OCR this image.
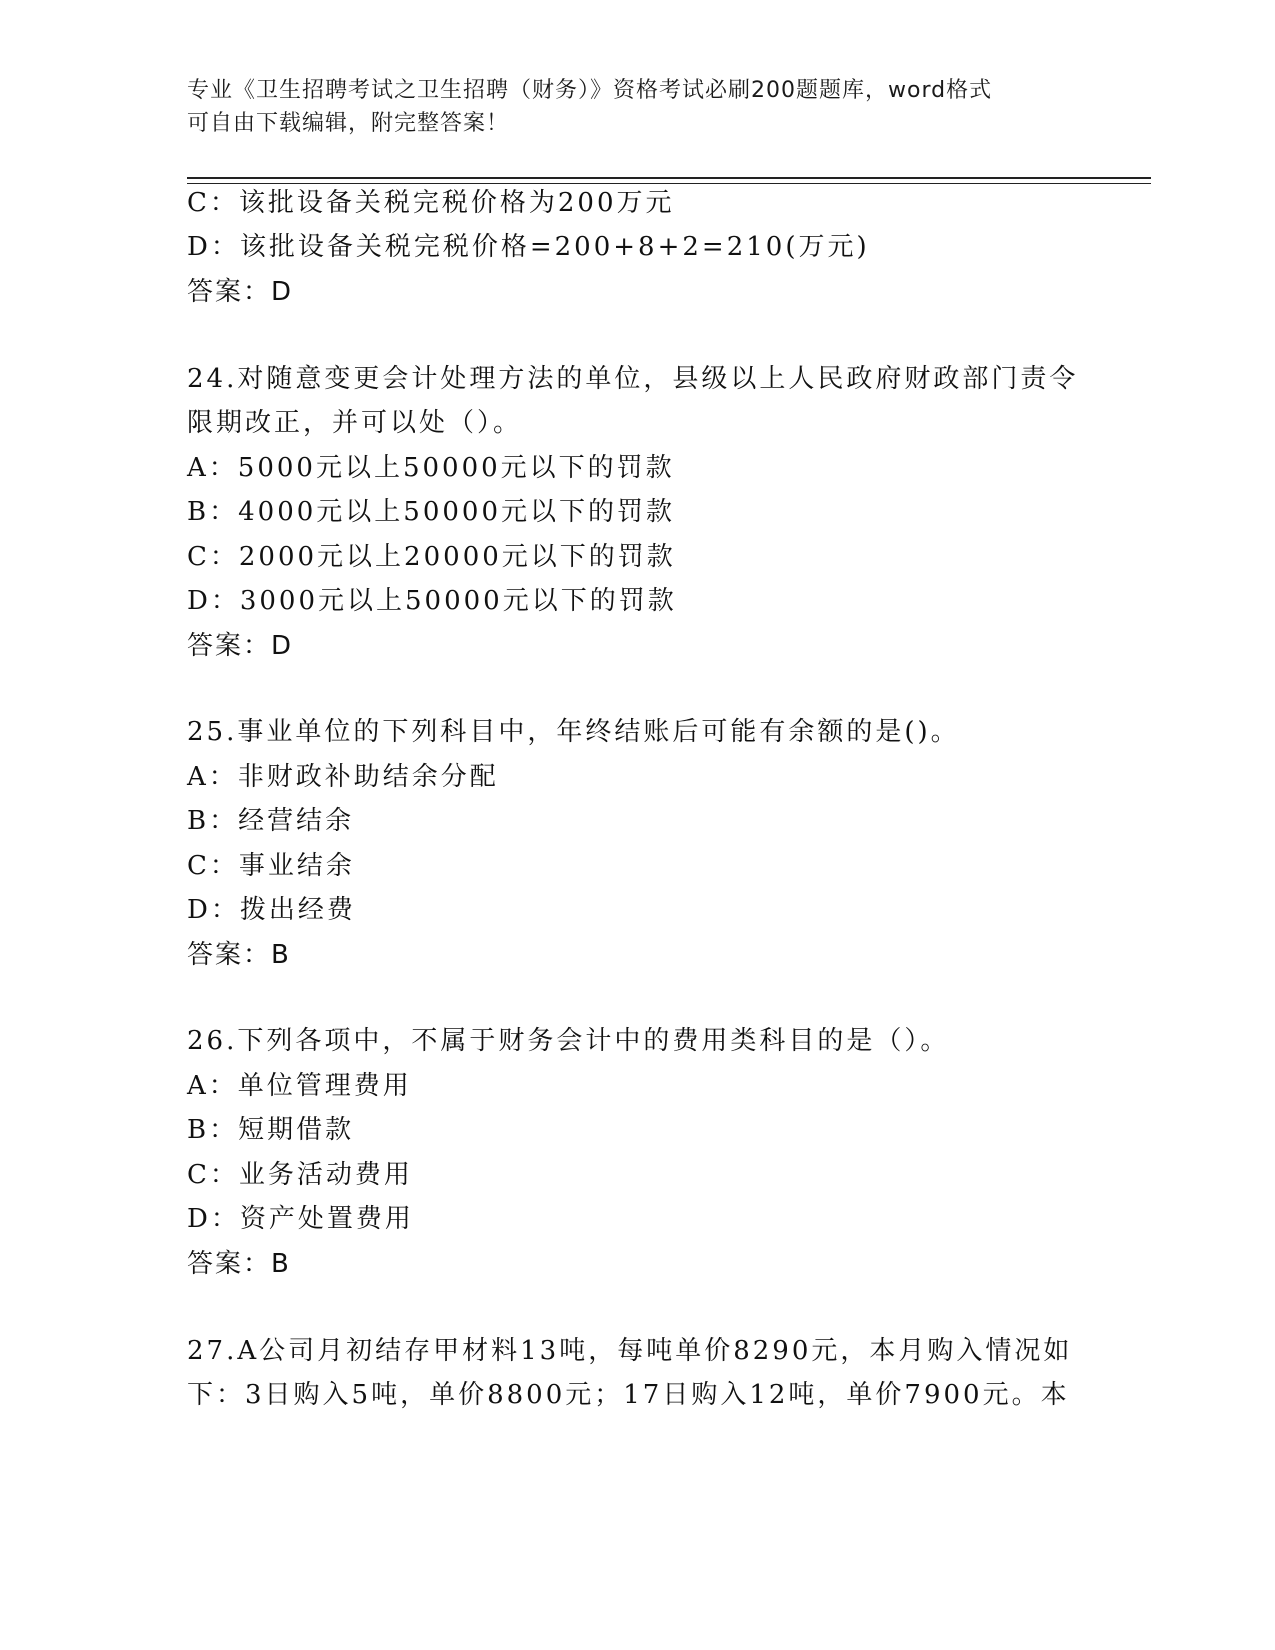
专业《卫生招聘考试之卫生招聘（财务）》资格考试必刷200题题库，word格式
可自由下载编辑，附完整答案！
C：该批设备关税完税价格为200万元
D：该批设备关税完税价格=200+8+2=210(万元)
答案：D
24.对随意变更会计处理方法的单位，县级以上人民政府财政部门责令
限期改正，并可以处（）。
A：5000元以上50000元以下的罚款
B：4000元以上50000元以下的罚款
C：2000元以上20000元以下的罚款
D：3000元以上50000元以下的罚款
答案：D
25.事业单位的下列科目中，年终结账后可能有余额的是()。
A：非财政补助结余分配
B：经营结余
C：事业结余
D：拨出经费
答案：B
26.下列各项中，不属于财务会计中的费用类科目的是（）。
A：单位管理费用
B：短期借款
C：业务活动费用
D：资产处置费用
答案：B
27.A公司月初结存甲材料13吨，每吨单价8290元，本月购入情况如
下：3日购入5吨，单价8800元；17日购入12吨，单价7900元。本
